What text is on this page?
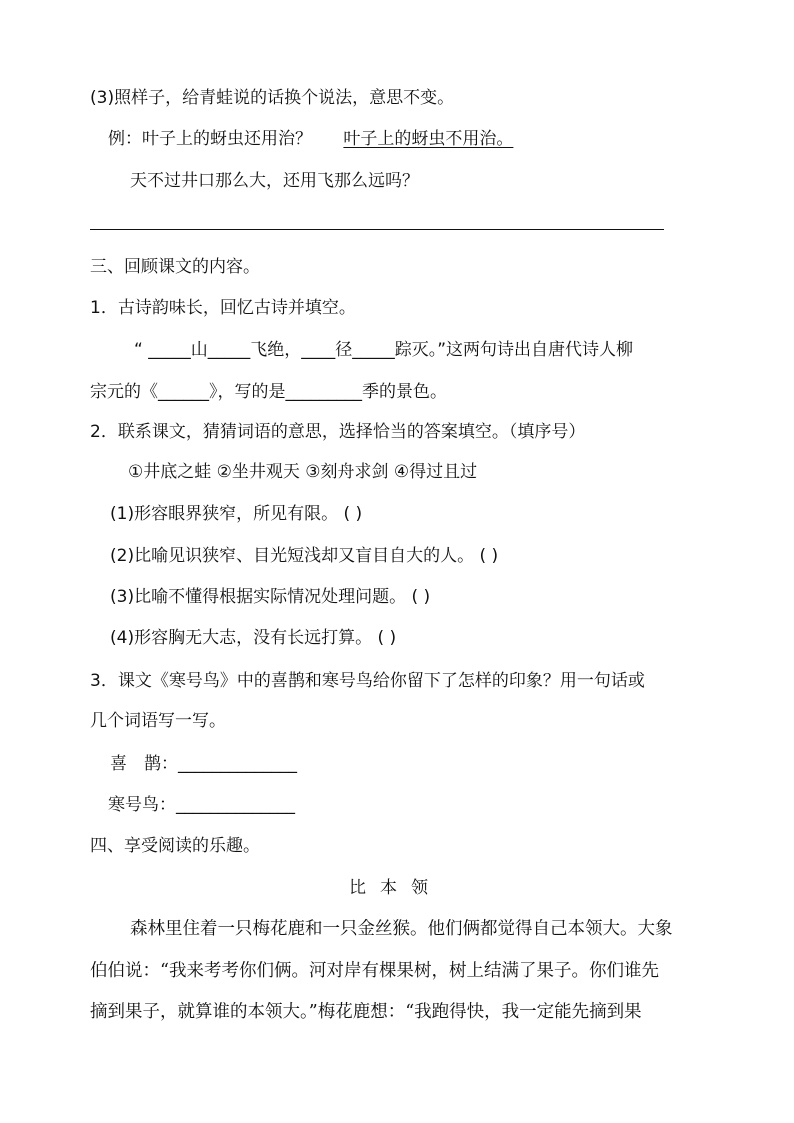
(3)照样子，给青蛙说的话换个说法，意思不变。
例：叶子上的蚜虫还用治？ 叶子上的蚜虫不用治。
天不过井口那么大，还用飞那么远吗？
三、回顾课文的内容。
1．古诗韵味长，回忆古诗并填空。
“ _____山_____飞绝，____径_____踪灭。”这两句诗出自唐代诗人柳
宗元的《______》，写的是_________季的景色。
2．联系课文，猜猜词语的意思，选择恰当的答案填空。（填序号）
①井底之蛙 ②坐井观天 ③刻舟求剑 ④得过且过
(1)形容眼界狭窄，所见有限。 ( )
(2)比喻见识狭窄、目光短浅却又盲目自大的人。 ( )
(3)比喻不懂得根据实际情况处理问题。 ( )
(4)形容胸无大志，没有长远打算。 ( )
3．课文《寒号鸟》中的喜鹊和寒号鸟给你留下了怎样的印象？用一句话或
几个词语写一写。
喜　鹊：______________
寒号鸟：______________
四、享受阅读的乐趣。
比本领
森林里住着一只梅花鹿和一只金丝猴。他们俩都觉得自己本领大。大象
伯伯说：“我来考考你们俩。河对岸有棵果树，树上结满了果子。你们谁先
摘到果子，就算谁的本领大。”梅花鹿想：“我跑得快，我一定能先摘到果
